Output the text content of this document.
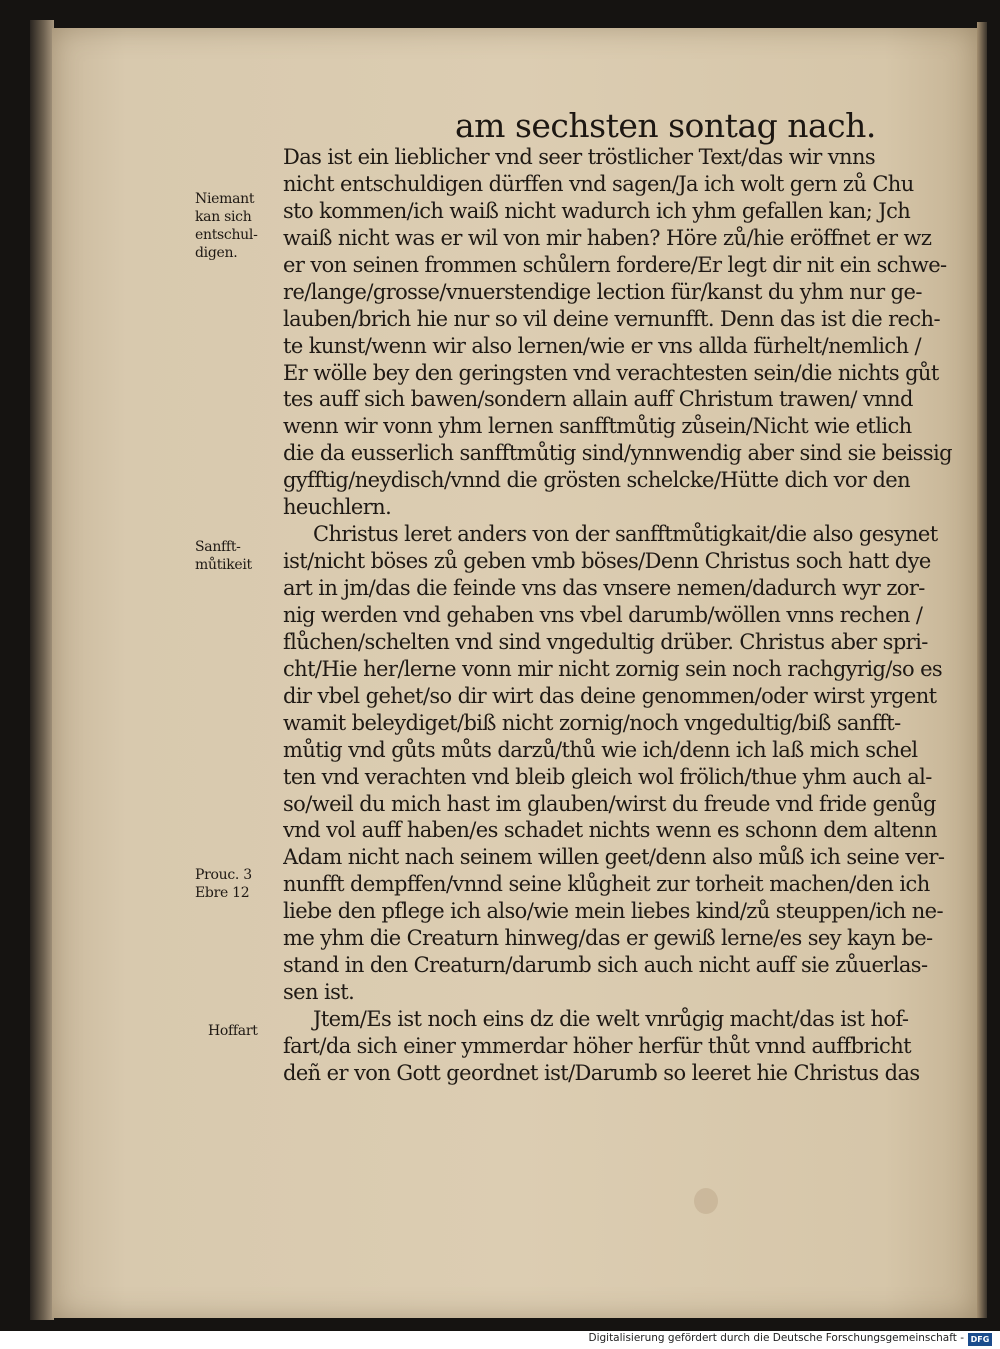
am sechsten sontag nach.
Das ist ein lieblicher vnd seer tröstlicher Text/das wir vnns
nicht entschuldigen dürffen vnd sagen/Ja ich wolt gern zů Chu
sto kommen/ich waiß nicht wadurch ich yhm gefallen kan; Jch
waiß nicht was er wil von mir haben? Höre zů/hie eröffnet er wz
er von seinen frommen schůlern fordere/Er legt dir nit ein schwe-
re/lange/grosse/vnuerstendige lection für/kanst du yhm nur ge-
lauben/brich hie nur so vil deine vernunfft. Denn das ist die rech-
te kunst/wenn wir also lernen/wie er vns allda fürhelt/nemlich /
Er wölle bey den geringsten vnd verachtesten sein/die nichts gůt
tes auff sich bawen/sondern allain auff Christum trawen/ vnnd
wenn wir vonn yhm lernen sanfftmůtig zůsein/Nicht wie etlich
die da eusserlich sanfftmůtig sind/ynnwendig aber sind sie beissig
gyfftig/neydisch/vnnd die grösten schelcke/Hütte dich vor den
heuchlern.
Christus leret anders von der sanfftmůtigkait/die also gesynet
ist/nicht böses zů geben vmb böses/Denn Christus soch hatt dye
art in jm/das die feinde vns das vnsere nemen/dadurch wyr zor-
nig werden vnd gehaben vns vbel darumb/wöllen vnns rechen /
flůchen/schelten vnd sind vngedultig drüber. Christus aber spri-
cht/Hie her/lerne vonn mir nicht zornig sein noch rachgyrig/so es
dir vbel gehet/so dir wirt das deine genommen/oder wirst yrgent
wamit beleydiget/biß nicht zornig/noch vngedultig/biß sanfft-
můtig vnd gůts můts darzů/thů wie ich/denn ich laß mich schel
ten vnd verachten vnd bleib gleich wol frölich/thue yhm auch al-
so/weil du mich hast im glauben/wirst du freude vnd fride genůg
vnd vol auff haben/es schadet nichts wenn es schonn dem altenn
Adam nicht nach seinem willen geet/denn also můß ich seine ver-
nunfft dempffen/vnnd seine klůgheit zur torheit machen/den ich
liebe den pflege ich also/wie mein liebes kind/zů steuppen/ich ne-
me yhm die Creaturn hinweg/das er gewiß lerne/es sey kayn be-
stand in den Creaturn/darumb sich auch nicht auff sie zůuerlas-
sen ist.
Jtem/Es ist noch eins dz die welt vnrůgig macht/das ist hof-
fart/da sich einer ymmerdar höher herfür thůt vnnd auffbricht
deñ er von Gott geordnet ist/Darumb so leeret hie Christus das
Niemant
kan sich
entschul-
digen.
Sanfft-
můtikeit
Prouc. 3
Ebre 12
Hoffart
Digitalisierung gefördert durch die Deutsche Forschungsgemeinschaft - DFG
